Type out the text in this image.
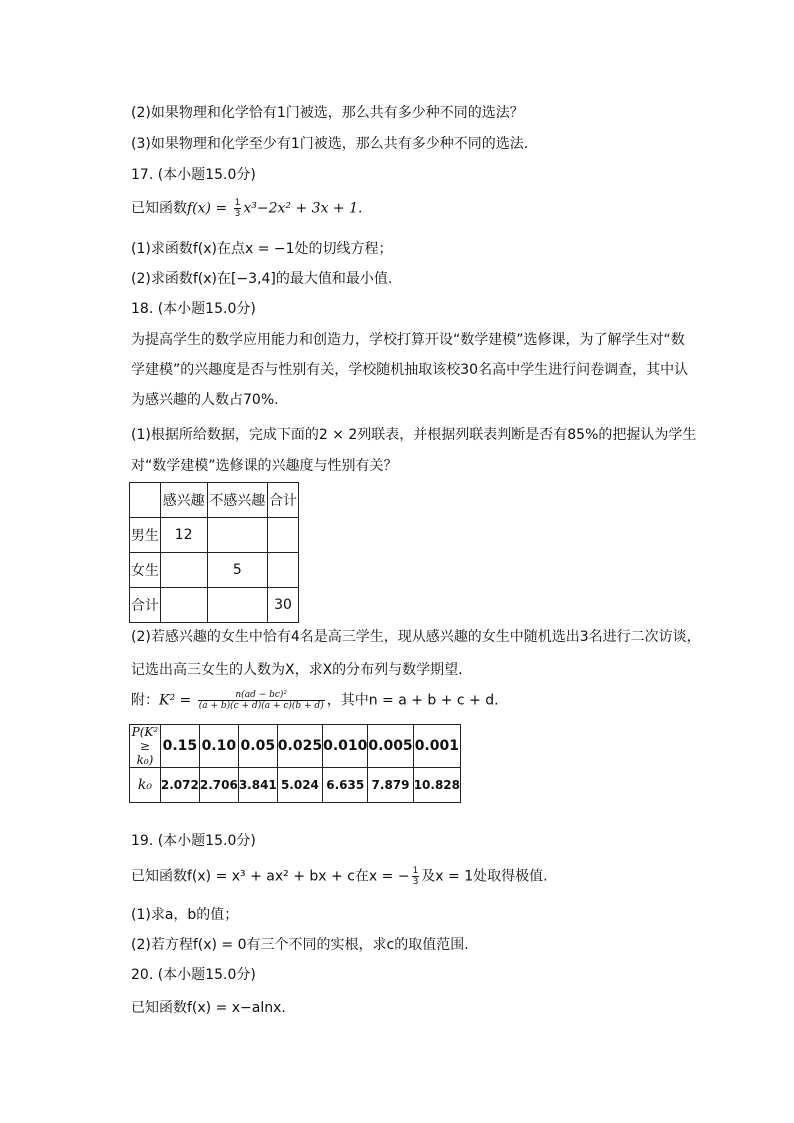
(2)如果物理和化学恰有1门被选，那么共有多少种不同的选法？
(3)如果物理和化学至少有1门被选，那么共有多少种不同的选法.
17. (本小题15.0分)
已知函数$f(x) = \frac{1}{3} x^3-2x^2 + 3x + 1$.
(1)求函数f(x)在点x = −1处的切线方程；
(2)求函数f(x)在[−3,4]的最大值和最小值.
18. (本小题15.0分)
为提高学生的数学应用能力和创造力，学校打算开设“数学建模”选修课，为了解学生对“数学建模”的兴趣度是否与性别有关，学校随机抽取该校30名高中学生进行问卷调查，其中认为感兴趣的人数占70%.
(1)根据所给数据，完成下面的2 × 2列联表，并根据列联表判断是否有85%的把握认为学生
对“数学建模”选修课的兴趣度与性别有关？
	感兴趣	不感兴趣	合计
男生	12		
女生		5	
合计			30
(2)若感兴趣的女生中恰有4名是高三学生，现从感兴趣的女生中随机选出3名进行二次访谈，
记选出高三女生的人数为X，求X的分布列与数学期望.
附：$K^2 = \frac{\text{n(ad − bc)²}}{(a + b)(c + d)(a + c)(b + d)}$ ，其中n = a + b + c + d.
P(K² ≥ k₀)	0.15	0.10	0.05	0.025	0.010	0.005	0.001
k₀	2.072	2.706	3.841	5.024	6.635	7.879	10.828
19. (本小题15.0分)
已知函数f(x) = x³ + ax² + bx + c在x = − $\frac{1}{3}$ 及x = 1处取得极值.
(1)求a，b的值；
(2)若方程f(x) = 0有三个不同的实根，求c的取值范围.
20. (本小题15.0分)
已知函数f(x) = x−alnx.
